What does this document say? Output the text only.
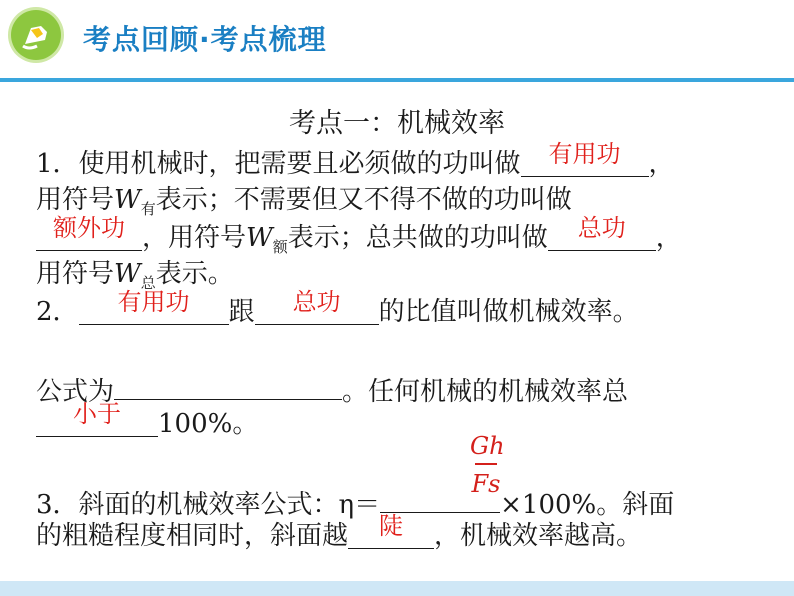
考点回顾·考点梳理
考点一：机械效率
1．使用机械时，把需要且必须做的功叫做 有用功 ，
用符号$W_有$表示；不需要但又不得不做的功叫做
额外功 ，用符号$W_额$表示；总共做的功叫做 总功 ，
用符号$W_总$表示。
2． 有用功 跟 总功 的比值叫做机械效率。
公式为	。任何机械的机械效率总
小于 100%。
Gh
Fs
3．斜面的机械效率公式：η＝	×100%。斜面
的粗糙程度相同时，斜面越 陡 ，机械效率越高。
